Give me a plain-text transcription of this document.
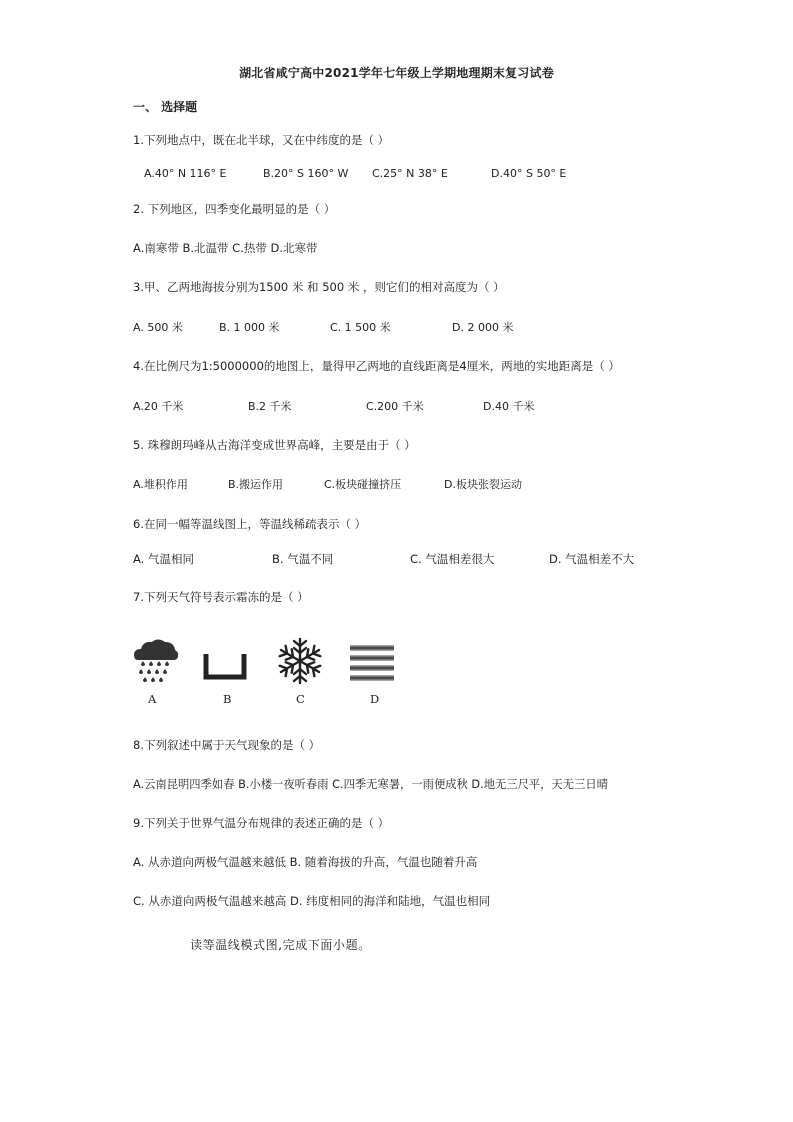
湖北省咸宁高中2021学年七年级上学期地理期末复习试卷
一、 选择题
1.下列地点中，既在北半球，又在中纬度的是（ ）
A.40° N 116° E	B.20° S 160° W C.25° N 38° E	D.40° S 50° E
2. 下列地区，四季变化最明显的是（ ）
A.南寒带 B.北温带 C.热带 D.北寒带
3.甲、乙两地海拔分别为1500 米 和 500 米 ，则它们的相对高度为（ ）
A. 500 米	B. 1 000 米	C. 1 500 米	D. 2 000 米
4.在比例尺为1:5000000的地图上，量得甲乙两地的直线距离是4厘米，两地的实地距离是（ ）
A.20 千米	B.2 千米	C.200 千米	D.40 千米
5. 珠穆朗玛峰从古海洋变成世界高峰，主要是由于（ ）
A.堆积作用	B.搬运作用	C.板块碰撞挤压	D.板块张裂运动
6.在同一幅等温线图上，等温线稀疏表示（ ）
A. 气温相同	B. 气温不同	C. 气温相差很大	D. 气温相差不大
7.下列天气符号表示霜冻的是（ ）
A	B	C	D
8.下列叙述中属于天气现象的是（ ）
A.云南昆明四季如春 B.小楼一夜听春雨 C.四季无寒暑，一雨便成秋 D.地无三尺平，天无三日晴
9.下列关于世界气温分布规律的表述正确的是（ ）
A. 从赤道向两极气温越来越低 B. 随着海拔的升高，气温也随着升高
C. 从赤道向两极气温越来越高 D. 纬度相同的海洋和陆地，气温也相同
读等温线模式图,完成下面小题。
